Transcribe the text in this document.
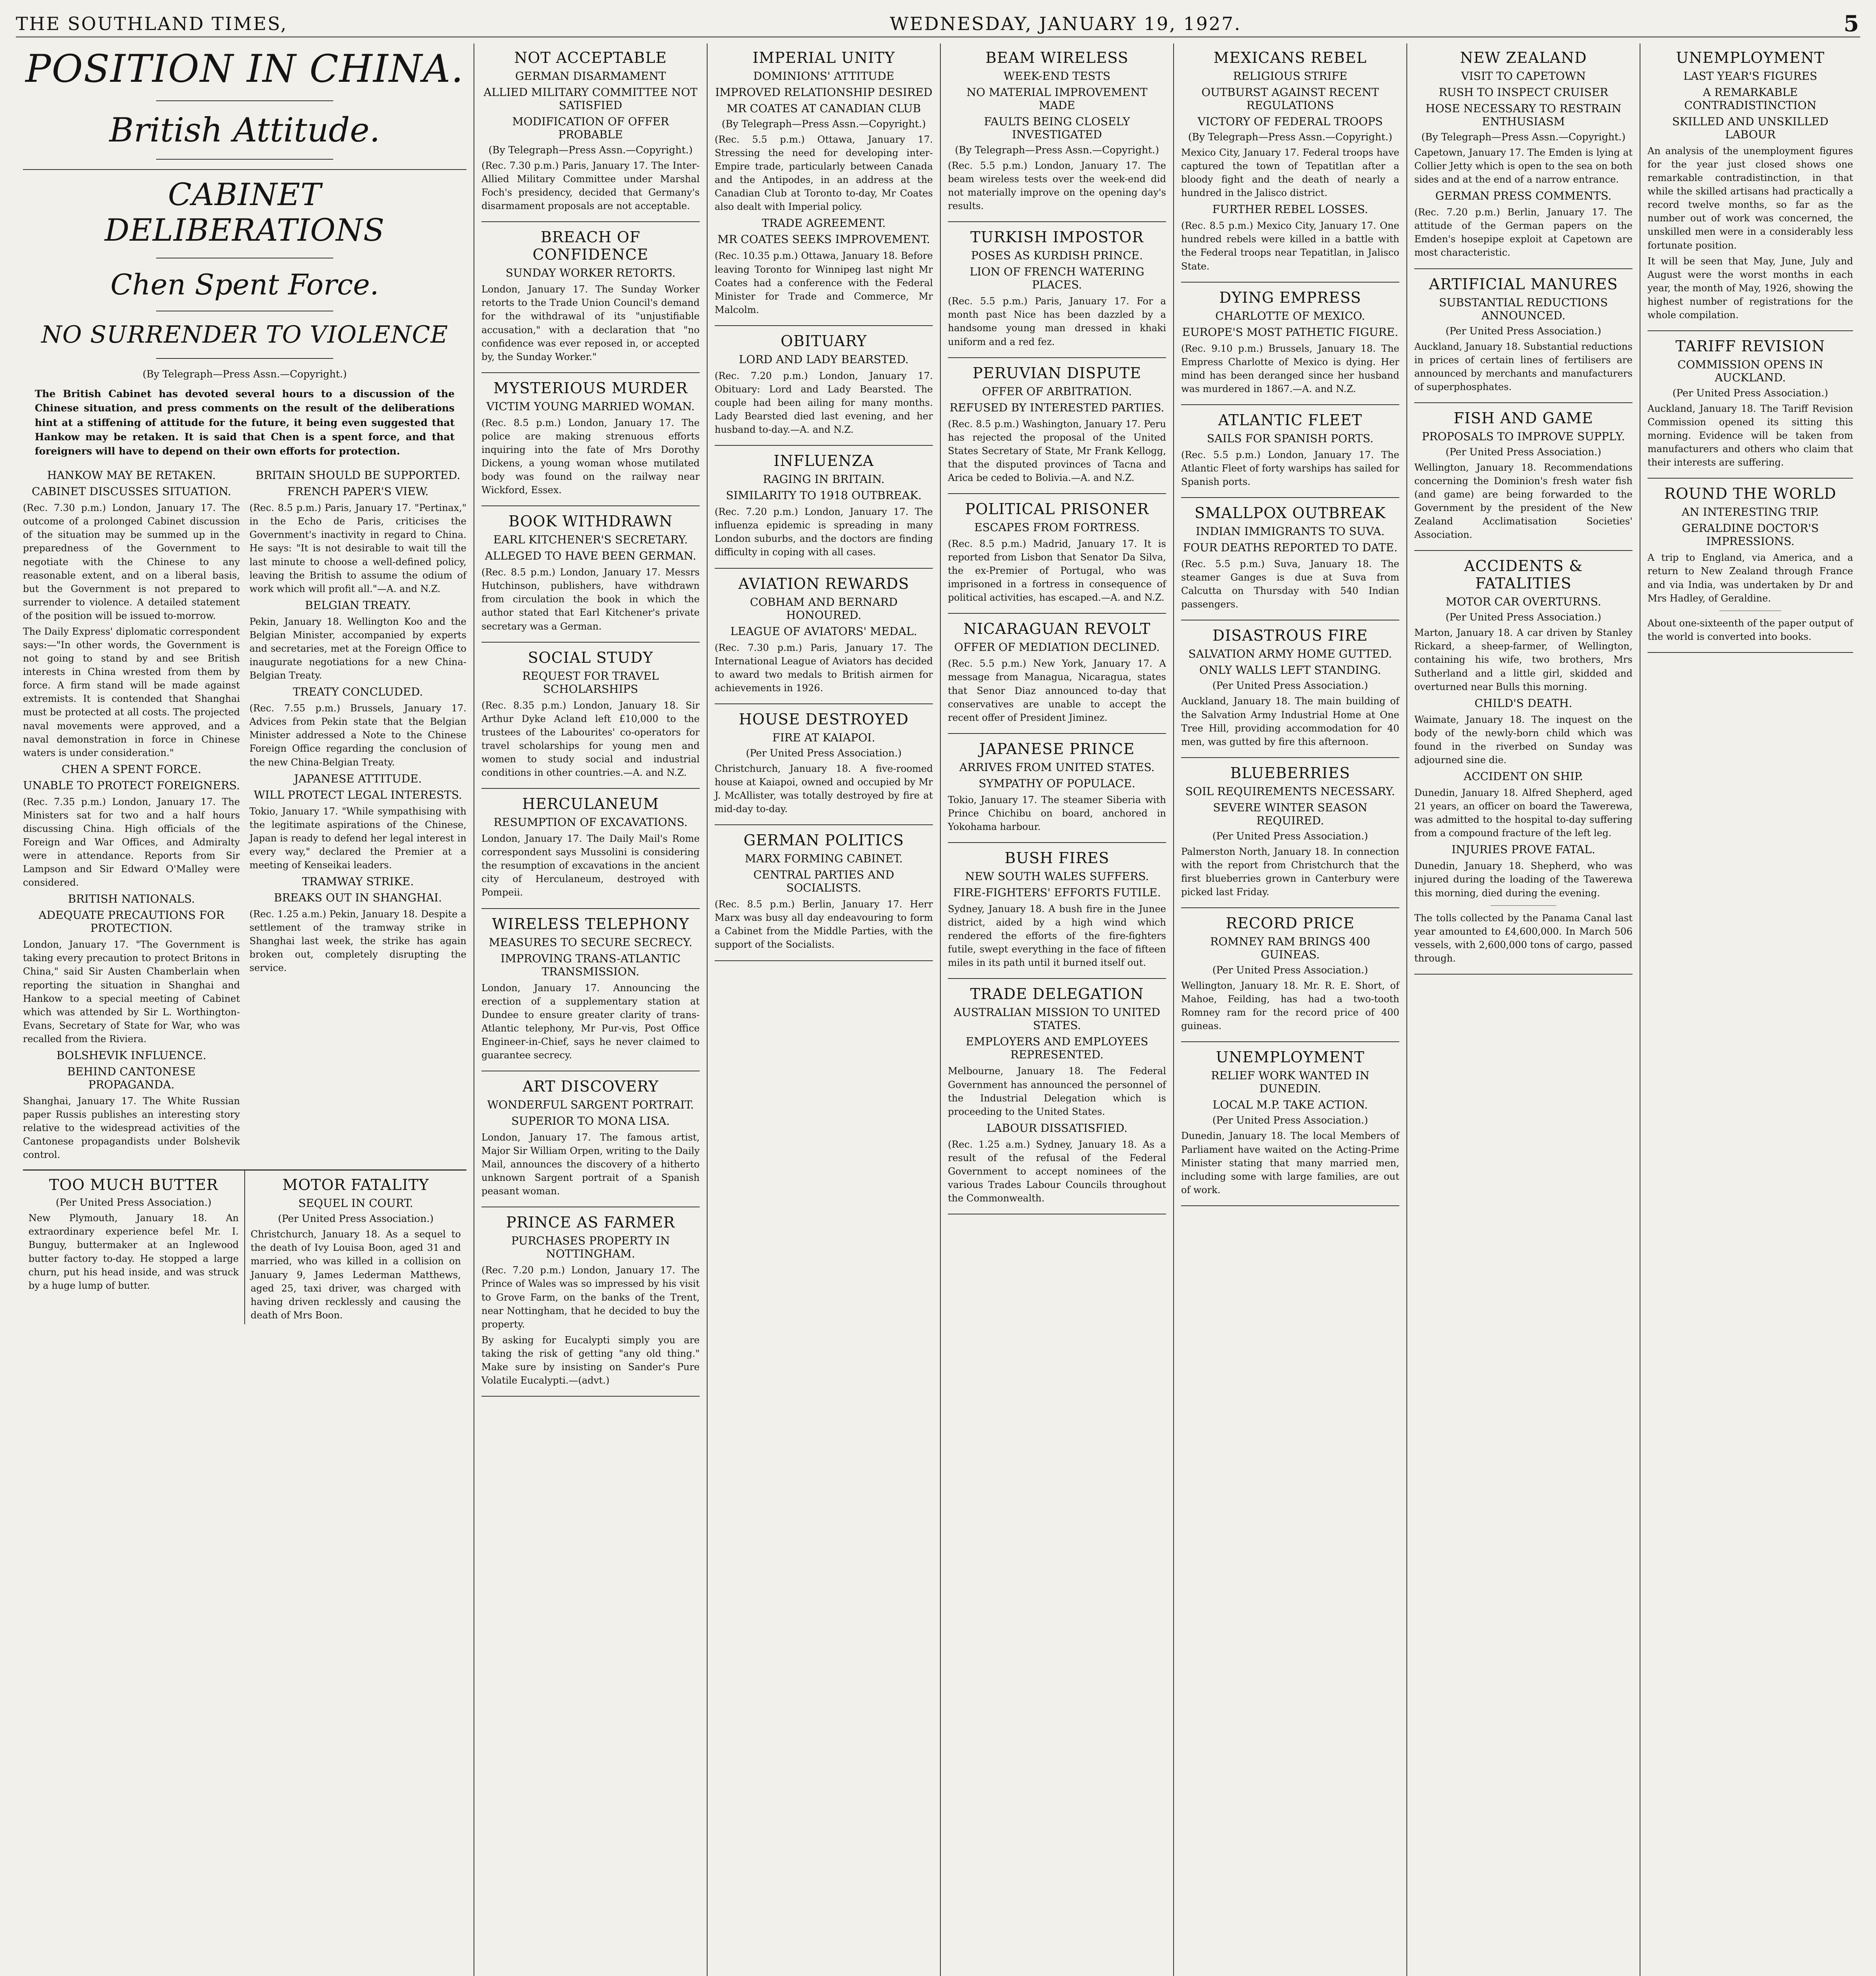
THE SOUTHLAND TIMES,	WEDNESDAY, JANUARY 19, 1927.	5
POSITION IN CHINA.
British Attitude.
CABINET DELIBERATIONS
Chen Spent Force.
NO SURRENDER TO VIOLENCE
(By Telegraph—Press Assn.—Copyright.)
The British Cabinet has devoted several hours to a discussion of the Chinese situation, and press comments on the result of the deliberations hint at a stiffening of attitude for the future, it being even suggested that Hankow may be retaken. It is said that Chen is a spent force, and that foreigners will have to depend on their own efforts for protection.
HANKOW MAY BE RETAKEN.
CABINET DISCUSSES SITUATION.

(Rec. 7.30 p.m.) London, January 17. The outcome of a prolonged Cabinet discussion of the situation may be summed up in the preparedness of the Government to negotiate with the Chinese to any reasonable extent, and on a liberal basis, but the Government is not prepared to surrender to violence. A detailed statement of the position will be issued to-morrow.

The Daily Express' diplomatic correspondent says:—"In other words, the Government is not going to stand by and see British interests in China wrested from them by force. A firm stand will be made against extremists. It is contended that Shanghai must be protected at all costs. The projected naval movements were approved, and a naval demonstration in force in Chinese waters is under consideration."

CHEN A SPENT FORCE.
UNABLE TO PROTECT FOREIGNERS.

(Rec. 7.35 p.m.) London, January 17. The Ministers sat for two and a half hours discussing China. High officials of the Foreign and War Offices, and Admiralty were in attendance. Reports from Sir Lampson and Sir Edward O'Malley were considered.

BRITISH NATIONALS.
ADEQUATE PRECAUTIONS FOR PROTECTION.

London, January 17. "The Government is taking every precaution to protect Britons in China," said Sir Austen Chamberlain when reporting the situation in Shanghai and Hankow to a special meeting of Cabinet which was attended by Sir L. Worthington-Evans, Secretary of State for War, who was recalled from the Riviera.

BOLSHEVIK INFLUENCE.
BEHIND CANTONESE PROPAGANDA.

Shanghai, January 17. The White Russian paper Russis publishes an interesting story relative to the widespread activities of the Cantonese propagandists under Bolshevik control.

BRITAIN SHOULD BE SUPPORTED.
FRENCH PAPER'S VIEW.

(Rec. 8.5 p.m.) Paris, January 17. "Pertinax," in the Echo de Paris, criticises the Government's inactivity in regard to China. He says: "It is not desirable to wait till the last minute to choose a well-defined policy, leaving the British to assume the odium of work which will profit all."—A. and N.Z.

BELGIAN TREATY.

Pekin, January 18. Wellington Koo and the Belgian Minister, accompanied by experts and secretaries, met at the Foreign Office to inaugurate negotiations for a new China-Belgian Treaty.

TREATY CONCLUDED.

(Rec. 7.55 p.m.) Brussels, January 17. Advices from Pekin state that the Belgian Minister addressed a Note to the Chinese Foreign Office regarding the conclusion of the new China-Belgian Treaty.

JAPANESE ATTITUDE.
WILL PROTECT LEGAL INTERESTS.

Tokio, January 17. "While sympathising with the legitimate aspirations of the Chinese, Japan is ready to defend her legal interest in every way," declared the Premier at a meeting of Kenseikai leaders.

TRAMWAY STRIKE.
BREAKS OUT IN SHANGHAI.

(Rec. 1.25 a.m.) Pekin, January 18. Despite a settlement of the tramway strike in Shanghai last week, the strike has again broken out, completely disrupting the service.

TOO MUCH BUTTER
(Per United Press Association.)

New Plymouth, January 18. An extraordinary experience befel Mr. I. Bunguy, buttermaker at an Inglewood butter factory to-day. He stopped a large churn, put his head inside, and was struck by a huge lump of butter.

MOTOR FATALITY
SEQUEL IN COURT.
(Per United Press Association.)

Christchurch, January 18. As a sequel to the death of Ivy Louisa Boon, aged 31 and married, who was killed in a collision on January 9, James Lederman Matthews, aged 25, taxi driver, was charged with having driven recklessly and causing the death of Mrs Boon.

NOT ACCEPTABLE
GERMAN DISARMAMENT
ALLIED MILITARY COMMITTEE NOT SATISFIED
MODIFICATION OF OFFER PROBABLE
(By Telegraph—Press Assn.—Copyright.)

(Rec. 7.30 p.m.) Paris, January 17. The Inter-Allied Military Committee under Marshal Foch's presidency, decided that Germany's disarmament proposals are not acceptable.

BREACH OF CONFIDENCE
SUNDAY WORKER RETORTS.

London, January 17. The Sunday Worker retorts to the Trade Union Council's demand for the withdrawal of its "unjustifiable accusation," with a declaration that "no confidence was ever reposed in, or accepted by, the Sunday Worker."

MYSTERIOUS MURDER
VICTIM YOUNG MARRIED WOMAN.

(Rec. 8.5 p.m.) London, January 17. The police are making strenuous efforts inquiring into the fate of Mrs Dorothy Dickens, a young woman whose mutilated body was found on the railway near Wickford, Essex.

BOOK WITHDRAWN
EARL KITCHENER'S SECRETARY.
ALLEGED TO HAVE BEEN GERMAN.

(Rec. 8.5 p.m.) London, January 17. Messrs Hutchinson, publishers, have withdrawn from circulation the book in which the author stated that Earl Kitchener's private secretary was a German.

SOCIAL STUDY
REQUEST FOR TRAVEL SCHOLARSHIPS

(Rec. 8.35 p.m.) London, January 18. Sir Arthur Dyke Acland left £10,000 to the trustees of the Labourites' co-operators for travel scholarships for young men and women to study social and industrial conditions in other countries.—A. and N.Z.

HERCULANEUM
RESUMPTION OF EXCAVATIONS.

London, January 17. The Daily Mail's Rome correspondent says Mussolini is considering the resumption of excavations in the ancient city of Herculaneum, destroyed with Pompeii.

WIRELESS TELEPHONY
MEASURES TO SECURE SECRECY.
IMPROVING TRANS-ATLANTIC TRANSMISSION.

London, January 17. Announcing the erection of a supplementary station at Dundee to ensure greater clarity of trans-Atlantic telephony, Mr Pur-vis, Post Office Engineer-in-Chief, says he never claimed to guarantee secrecy.

ART DISCOVERY
WONDERFUL SARGENT PORTRAIT.
SUPERIOR TO MONA LISA.

London, January 17. The famous artist, Major Sir William Orpen, writing to the Daily Mail, announces the discovery of a hitherto unknown Sargent portrait of a Spanish peasant woman.

PRINCE AS FARMER
PURCHASES PROPERTY IN NOTTINGHAM.

(Rec. 7.20 p.m.) London, January 17. The Prince of Wales was so impressed by his visit to Grove Farm, on the banks of the Trent, near Nottingham, that he decided to buy the property.

By asking for Eucalypti simply you are taking the risk of getting "any old thing." Make sure by insisting on Sander's Pure Volatile Eucalypti.—(advt.)

IMPERIAL UNITY
DOMINIONS' ATTITUDE
IMPROVED RELATIONSHIP DESIRED
MR COATES AT CANADIAN CLUB
(By Telegraph—Press Assn.—Copyright.)

(Rec. 5.5 p.m.) Ottawa, January 17. Stressing the need for developing inter-Empire trade, particularly between Canada and the Antipodes, in an address at the Canadian Club at Toronto to-day, Mr Coates also dealt with Imperial policy.

TRADE AGREEMENT.
MR COATES SEEKS IMPROVEMENT.

(Rec. 10.35 p.m.) Ottawa, January 18. Before leaving Toronto for Winnipeg last night Mr Coates had a conference with the Federal Minister for Trade and Commerce, Mr Malcolm.

OBITUARY
LORD AND LADY BEARSTED.

(Rec. 7.20 p.m.) London, January 17. Obituary: Lord and Lady Bearsted. The couple had been ailing for many months. Lady Bearsted died last evening, and her husband to-day.—A. and N.Z.

INFLUENZA
RAGING IN BRITAIN.
SIMILARITY TO 1918 OUTBREAK.

(Rec. 7.20 p.m.) London, January 17. The influenza epidemic is spreading in many London suburbs, and the doctors are finding difficulty in coping with all cases.

AVIATION REWARDS
COBHAM AND BERNARD HONOURED.
LEAGUE OF AVIATORS' MEDAL.

(Rec. 7.30 p.m.) Paris, January 17. The International League of Aviators has decided to award two medals to British airmen for achievements in 1926.

HOUSE DESTROYED
FIRE AT KAIAPOI.
(Per United Press Association.)

Christchurch, January 18. A five-roomed house at Kaiapoi, owned and occupied by Mr J. McAllister, was totally destroyed by fire at mid-day to-day.

GERMAN POLITICS
MARX FORMING CABINET.
CENTRAL PARTIES AND SOCIALISTS.

(Rec. 8.5 p.m.) Berlin, January 17. Herr Marx was busy all day endeavouring to form a Cabinet from the Middle Parties, with the support of the Socialists.

BEAM WIRELESS
WEEK-END TESTS
NO MATERIAL IMPROVEMENT MADE
FAULTS BEING CLOSELY INVESTIGATED
(By Telegraph—Press Assn.—Copyright.)

(Rec. 5.5 p.m.) London, January 17. The beam wireless tests over the week-end did not materially improve on the opening day's results.

TURKISH IMPOSTOR
POSES AS KURDISH PRINCE.
LION OF FRENCH WATERING PLACES.

(Rec. 5.5 p.m.) Paris, January 17. For a month past Nice has been dazzled by a handsome young man dressed in khaki uniform and a red fez.

PERUVIAN DISPUTE
OFFER OF ARBITRATION.
REFUSED BY INTERESTED PARTIES.

(Rec. 8.5 p.m.) Washington, January 17. Peru has rejected the proposal of the United States Secretary of State, Mr Frank Kellogg, that the disputed provinces of Tacna and Arica be ceded to Bolivia.—A. and N.Z.

POLITICAL PRISONER
ESCAPES FROM FORTRESS.

(Rec. 8.5 p.m.) Madrid, January 17. It is reported from Lisbon that Senator Da Silva, the ex-Premier of Portugal, who was imprisoned in a fortress in consequence of political activities, has escaped.—A. and N.Z.

NICARAGUAN REVOLT
OFFER OF MEDIATION DECLINED.

(Rec. 5.5 p.m.) New York, January 17. A message from Managua, Nicaragua, states that Senor Diaz announced to-day that conservatives are unable to accept the recent offer of President Jiminez.

JAPANESE PRINCE
ARRIVES FROM UNITED STATES.
SYMPATHY OF POPULACE.

Tokio, January 17. The steamer Siberia with Prince Chichibu on board, anchored in Yokohama harbour.

BUSH FIRES
NEW SOUTH WALES SUFFERS.
FIRE-FIGHTERS' EFFORTS FUTILE.

Sydney, January 18. A bush fire in the Junee district, aided by a high wind which rendered the efforts of the fire-fighters futile, swept everything in the face of fifteen miles in its path until it burned itself out.

TRADE DELEGATION
AUSTRALIAN MISSION TO UNITED STATES.
EMPLOYERS AND EMPLOYEES REPRESENTED.

Melbourne, January 18. The Federal Government has announced the personnel of the Industrial Delegation which is proceeding to the United States.

LABOUR DISSATISFIED.

(Rec. 1.25 a.m.) Sydney, January 18. As a result of the refusal of the Federal Government to accept nominees of the various Trades Labour Councils throughout the Commonwealth.

MEXICANS REBEL
RELIGIOUS STRIFE
OUTBURST AGAINST RECENT REGULATIONS
VICTORY OF FEDERAL TROOPS
(By Telegraph—Press Assn.—Copyright.)

Mexico City, January 17. Federal troops have captured the town of Tepatitlan after a bloody fight and the death of nearly a hundred in the Jalisco district.

FURTHER REBEL LOSSES.

(Rec. 8.5 p.m.) Mexico City, January 17. One hundred rebels were killed in a battle with the Federal troops near Tepatitlan, in Jalisco State.

DYING EMPRESS
CHARLOTTE OF MEXICO.
EUROPE'S MOST PATHETIC FIGURE.

(Rec. 9.10 p.m.) Brussels, January 18. The Empress Charlotte of Mexico is dying. Her mind has been deranged since her husband was murdered in 1867.—A. and N.Z.

ATLANTIC FLEET
SAILS FOR SPANISH PORTS.

(Rec. 5.5 p.m.) London, January 17. The Atlantic Fleet of forty warships has sailed for Spanish ports.

SMALLPOX OUTBREAK
INDIAN IMMIGRANTS TO SUVA.
FOUR DEATHS REPORTED TO DATE.

(Rec. 5.5 p.m.) Suva, January 18. The steamer Ganges is due at Suva from Calcutta on Thursday with 540 Indian passengers.

DISASTROUS FIRE
SALVATION ARMY HOME GUTTED.
ONLY WALLS LEFT STANDING.
(Per United Press Association.)

Auckland, January 18. The main building of the Salvation Army Industrial Home at One Tree Hill, providing accommodation for 40 men, was gutted by fire this afternoon.

BLUEBERRIES
SOIL REQUIREMENTS NECESSARY.
SEVERE WINTER SEASON REQUIRED.
(Per United Press Association.)

Palmerston North, January 18. In connection with the report from Christchurch that the first blueberries grown in Canterbury were picked last Friday.

RECORD PRICE
ROMNEY RAM BRINGS 400 GUINEAS.
(Per United Press Association.)

Wellington, January 18. Mr. R. E. Short, of Mahoe, Feilding, has had a two-tooth Romney ram for the record price of 400 guineas.

UNEMPLOYMENT
RELIEF WORK WANTED IN DUNEDIN.
LOCAL M.P. TAKE ACTION.
(Per United Press Association.)

Dunedin, January 18. The local Members of Parliament have waited on the Acting-Prime Minister stating that many married men, including some with large families, are out of work.

NEW ZEALAND
VISIT TO CAPETOWN
RUSH TO INSPECT CRUISER
HOSE NECESSARY TO RESTRAIN ENTHUSIASM
(By Telegraph—Press Assn.—Copyright.)

Capetown, January 17. The Emden is lying at Collier Jetty which is open to the sea on both sides and at the end of a narrow entrance.

GERMAN PRESS COMMENTS.

(Rec. 7.20 p.m.) Berlin, January 17. The attitude of the German papers on the Emden's hosepipe exploit at Capetown are most characteristic.

ARTIFICIAL MANURES
SUBSTANTIAL REDUCTIONS ANNOUNCED.
(Per United Press Association.)

Auckland, January 18. Substantial reductions in prices of certain lines of fertilisers are announced by merchants and manufacturers of superphosphates.

FISH AND GAME
PROPOSALS TO IMPROVE SUPPLY.
(Per United Press Association.)

Wellington, January 18. Recommendations concerning the Dominion's fresh water fish (and game) are being forwarded to the Government by the president of the New Zealand Acclimatisation Societies' Association.

ACCIDENTS & FATALITIES
MOTOR CAR OVERTURNS.
(Per United Press Association.)

Marton, January 18. A car driven by Stanley Rickard, a sheep-farmer, of Wellington, containing his wife, two brothers, Mrs Sutherland and a little girl, skidded and overturned near Bulls this morning.

CHILD'S DEATH.

Waimate, January 18. The inquest on the body of the newly-born child which was found in the riverbed on Sunday was adjourned sine die.

ACCIDENT ON SHIP.

Dunedin, January 18. Alfred Shepherd, aged 21 years, an officer on board the Tawerewa, was admitted to the hospital to-day suffering from a compound fracture of the left leg.

INJURIES PROVE FATAL.

Dunedin, January 18. Shepherd, who was injured during the loading of the Tawerewa this morning, died during the evening.

The tolls collected by the Panama Canal last year amounted to £4,600,000. In March 506 vessels, with 2,600,000 tons of cargo, passed through.

UNEMPLOYMENT
LAST YEAR'S FIGURES
A REMARKABLE CONTRADISTINCTION
SKILLED AND UNSKILLED LABOUR

An analysis of the unemployment figures for the year just closed shows one remarkable contradistinction, in that while the skilled artisans had practically a record twelve months, so far as the number out of work was concerned, the unskilled men were in a considerably less fortunate position.

It will be seen that May, June, July and August were the worst months in each year, the month of May, 1926, showing the highest number of registrations for the whole compilation.

TARIFF REVISION
COMMISSION OPENS IN AUCKLAND.
(Per United Press Association.)

Auckland, January 18. The Tariff Revision Commission opened its sitting this morning. Evidence will be taken from manufacturers and others who claim that their interests are suffering.

ROUND THE WORLD
AN INTERESTING TRIP.
GERALDINE DOCTOR'S IMPRESSIONS.

A trip to England, via America, and a return to New Zealand through France and via India, was undertaken by Dr and Mrs Hadley, of Geraldine.

About one-sixteenth of the paper output of the world is converted into books.
